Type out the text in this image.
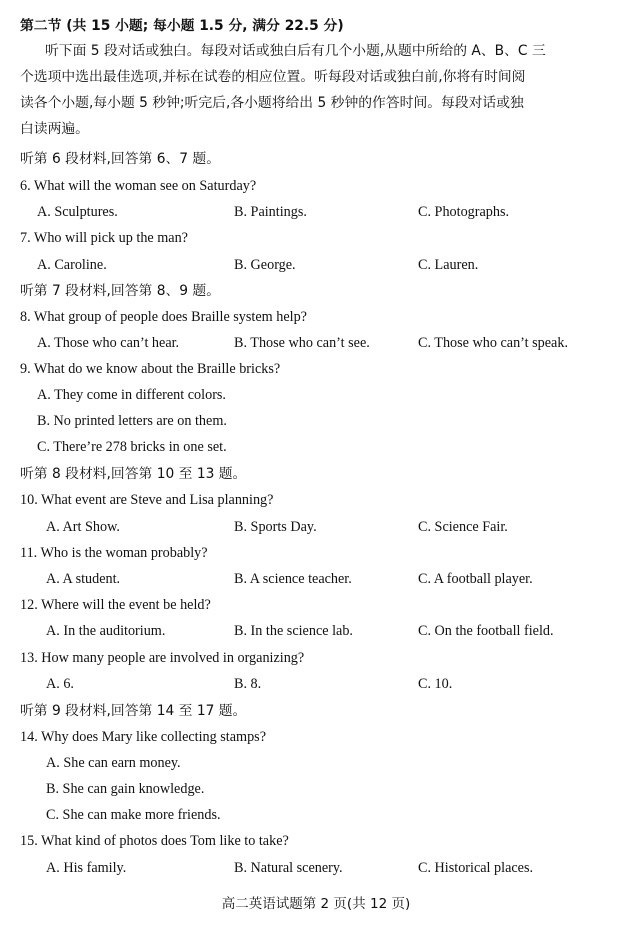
第二节 (共 15 小题; 每小题 1.5 分, 满分 22.5 分)
听下面 5 段对话或独白。每段对话或独白后有几个小题,从题中所给的 A、B、C 三
个选项中选出最佳选项,并标在试卷的相应位置。听每段对话或独白前,你将有时间阅
读各个小题,每小题 5 秒钟;听完后,各小题将给出 5 秒钟的作答时间。每段对话或独
白读两遍。
听第 6 段材料,回答第 6、7 题。
6. What will the woman see on Saturday?
A. Sculptures.	B. Paintings.	C. Photographs.
7. Who will pick up the man?
A. Caroline.	B. George.	C. Lauren.
听第 7 段材料,回答第 8、9 题。
8. What group of people does Braille system help?
A. Those who can’t hear.	B. Those who can’t see.	C. Those who can’t speak.
9. What do we know about the Braille bricks?
A. They come in different colors.
B. No printed letters are on them.
C. There’re 278 bricks in one set.
听第 8 段材料,回答第 10 至 13 题。
10. What event are Steve and Lisa planning?
A. Art Show.	B. Sports Day.	C. Science Fair.
11. Who is the woman probably?
A. A student.	B. A science teacher.	C. A football player.
12. Where will the event be held?
A. In the auditorium.	B. In the science lab.	C. On the football field.
13. How many people are involved in organizing?
A. 6.	B. 8.	C. 10.
听第 9 段材料,回答第 14 至 17 题。
14. Why does Mary like collecting stamps?
A. She can earn money.
B. She can gain knowledge.
C. She can make more friends.
15. What kind of photos does Tom like to take?
A. His family.	B. Natural scenery.	C. Historical places.
高二英语试题第 2 页(共 12 页)
